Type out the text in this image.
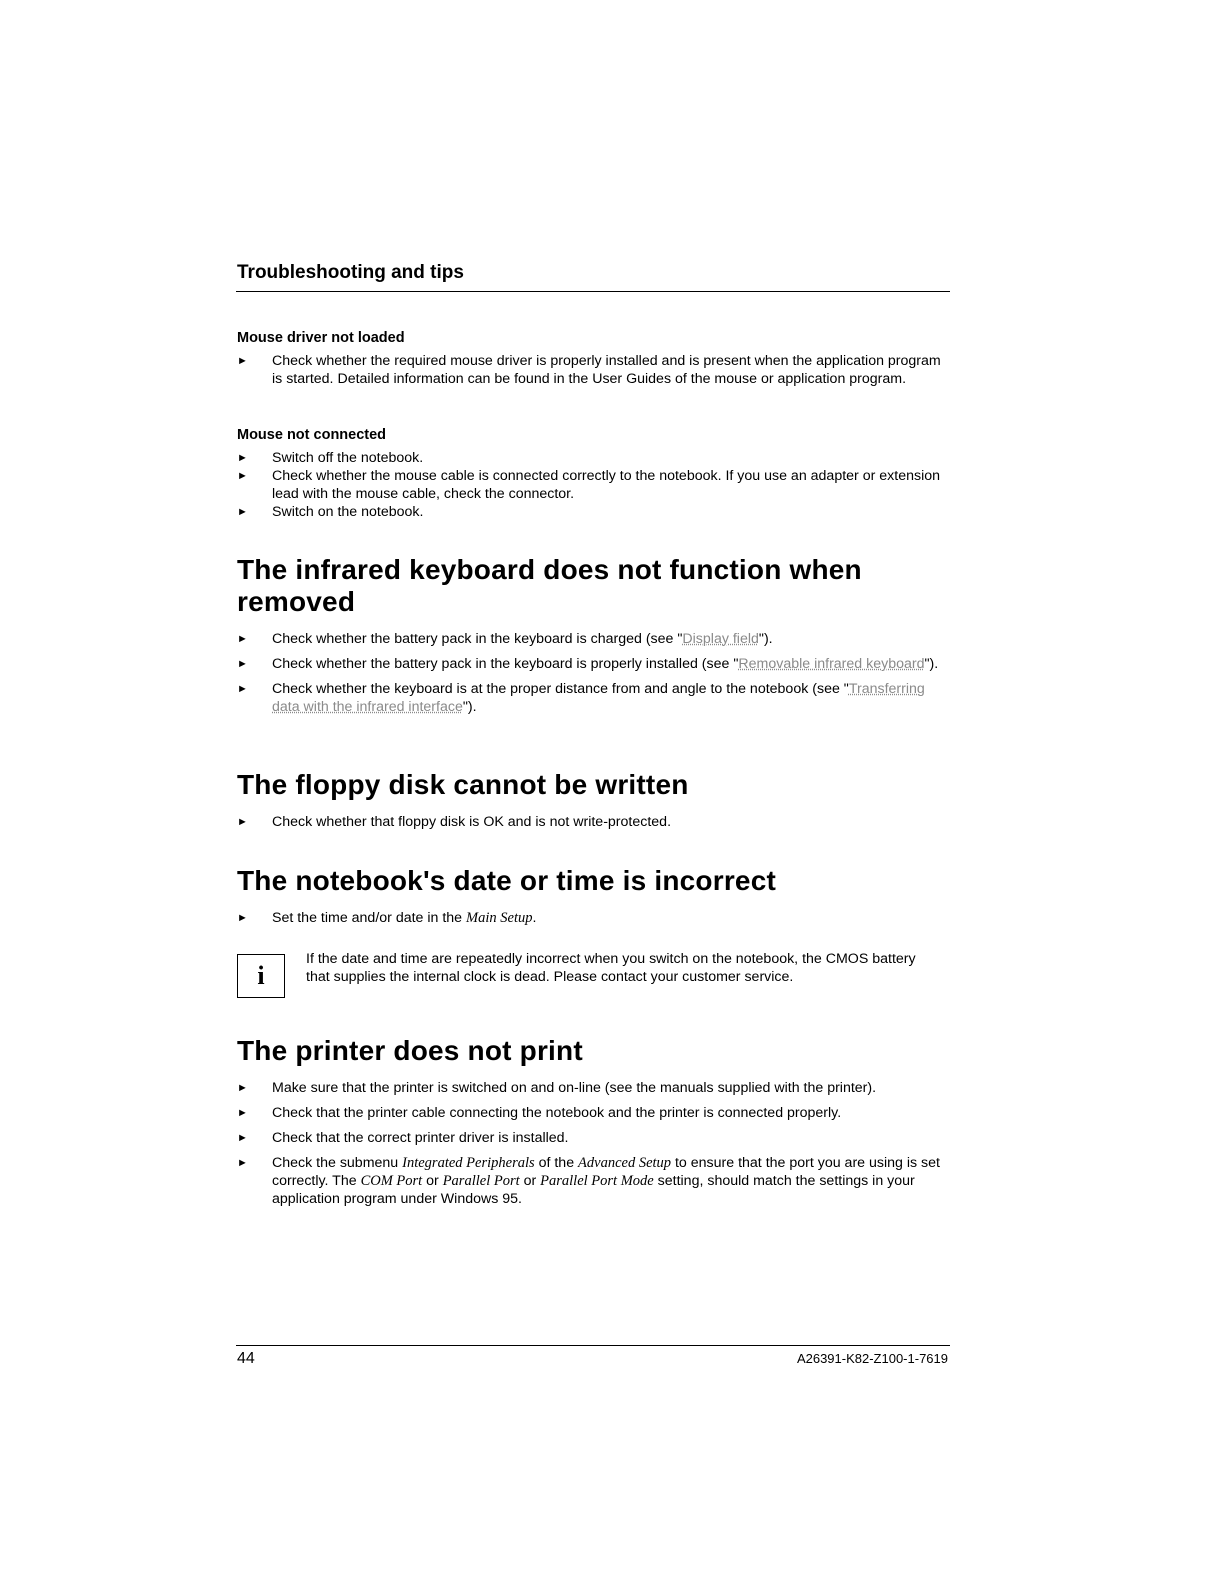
Troubleshooting and tips
Mouse driver not loaded
► Check whether the required mouse driver is properly installed and is present when the application program is started. Detailed information can be found in the User Guides of the mouse or application program.
Mouse not connected
► Switch off the notebook.
► Check whether the mouse cable is connected correctly to the notebook. If you use an adapter or extension lead with the mouse cable, check the connector.
► Switch on the notebook.
The infrared keyboard does not function when removed
► Check whether the battery pack in the keyboard is charged (see "Display field").
► Check whether the battery pack in the keyboard is properly installed (see "Removable infrared keyboard").
► Check whether the keyboard is at the proper distance from and angle to the notebook (see "Transferring data with the infrared interface").
The floppy disk cannot be written
► Check whether that floppy disk is OK and is not write-protected.
The notebook's date or time is incorrect
► Set the time and/or date in the Main Setup.
i
If the date and time are repeatedly incorrect when you switch on the notebook, the CMOS battery that supplies the internal clock is dead. Please contact your customer service.
The printer does not print
► Make sure that the printer is switched on and on-line (see the manuals supplied with the printer).
► Check that the printer cable connecting the notebook and the printer is connected properly.
► Check that the correct printer driver is installed.
► Check the submenu Integrated Peripherals of the Advanced Setup to ensure that the port you are using is set correctly. The COM Port or Parallel Port or Parallel Port Mode setting, should match the settings in your application program under Windows 95.
44	A26391-K82-Z100-1-7619
